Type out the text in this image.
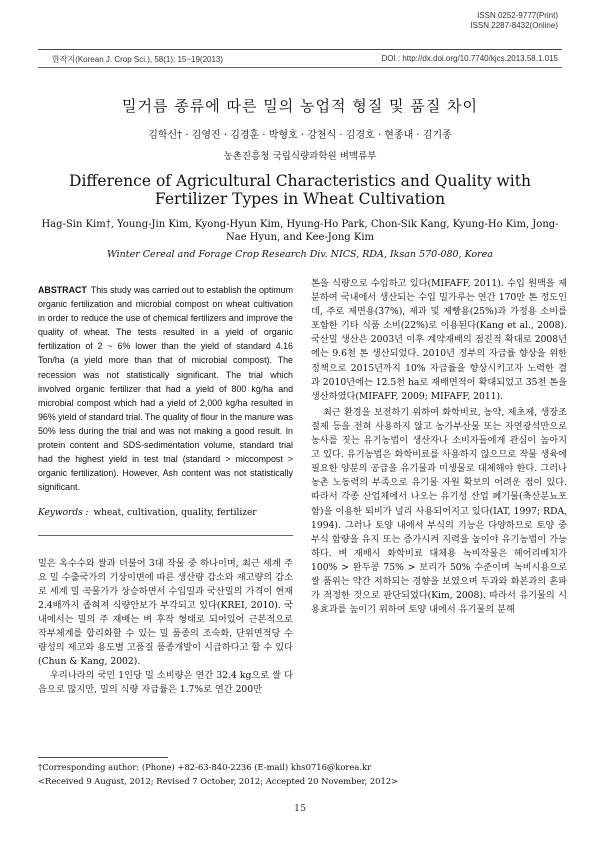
ISSN 0252-9777(Print)
ISSN 2287-8432(Online)
한작지(Korean J. Crop Sci.), 58(1): 15~19(2013)	DOI : http://dx.doi.org/10.7740/kjcs.2013.58.1.015
밀거름 종류에 따른 밀의 농업적 형질 및 품질 차이
김학신† · 김영진 · 김경훈 · 박형호 · 강천식 · 김경호 · 현종내 · 김기종
농촌진흥청 국립식량과학원 벼맥류부
Difference of Agricultural Characteristics and Quality with Fertilizer Types in Wheat Cultivation
Hag-Sin Kim†, Young-Jin Kim, Kyong-Hyun Kim, Hyung-Ho Park, Chon-Sik Kang, Kyung-Ho Kim, Jong-Nae Hyun, and Kee-Jong Kim
Winter Cereal and Forage Crop Research Div. NICS, RDA, Iksan 570-080, Korea
ABSTRACT This study was carried out to establish the optimum organic fertilization and microbial compost on wheat cultivation in order to reduce the use of chemical fertilizers and improve the quality of wheat. The tests resulted in a yield of organic fertilization of 2 ~ 6% lower than the yield of standard 4.16 Ton/ha (a yield more than that of microbial compost). The recession was not statistically significant. The trial which involved organic fertilizer that had a yield of 800 kg/ha and microbial compost which had a yield of 2,000 kg/ha resulted in 96% yield of standard trial. The quality of flour in the manure was 50% less during the trial and was not making a good result. In protein content and SDS-sedimentation volume, standard trial had the highest yield in test trial (standard > miccompost > organic fertilization). However, Ash content was not statistically significant.
Keywords : wheat, cultivation, quality, fertilizer

밀은 옥수수와 쌀과 더불어 3대 작물 중 하나이며, 최근 세계 주요 밀 수출국가의 기상이변에 따른 생산량 감소와 재고량의 감소로 세계 밀 곡물가가 상승하면서 수입밀과 국산밀의 가격이 현재 2.4배까지 좁혀져 식량안보가 부각되고 있다(KREI, 2010). 국내에서는 밀의 주 재배는 벼 후작 형태로 되어있어 근본적으로 작부체계를 합리화할 수 있는 밀 품종의 조숙화, 단위면적당 수량성의 제고와 용도별 고품질 품종개발이 시급하다고 할 수 있다(Chun & Kang, 2002).

우리나라의 국민 1인당 밀 소비량은 연간 32.4 kg으로 쌀 다음으로 많지만, 밀의 식량 자급률은 1.7%로 연간 200만

톤을 식량으로 수입하고 있다(MIFAFF, 2011). 수입 원맥을 제분하여 국내에서 생산되는 수입 밀가루는 연간 170만 톤 정도인데, 주로 제면용(37%), 제과 및 제빵용(25%)과 가정용 소비를 포함한 기타 식품 소비(22%)로 이용된다(Kang et al., 2008). 국산밀 생산은 2003년 이후 계약재배의 점진적 확대로 2008년에는 9.6천 톤 생산되었다. 2010년 정부의 자급률 향상을 위한 정책으로 2015년까지 10% 자급률을 향상시키고자 노력한 결과 2010년에는 12.5천 ha로 재배면적이 확대되었고 35천 톤을 생산하였다(MIFAFF, 2009; MIFAFF, 2011).

최근 환경을 보전하기 위하여 화학비료, 농약, 제초제, 생장조절제 등을 전혀 사용하지 않고 농가부산물 또는 자연광석만으로 농사를 짓는 유기농법이 생산자나 소비자들에게 관심이 높아지고 있다. 유기농법은 화학비료를 사용하지 않으므로 작물 생육에 필요한 양분의 공급을 유기물과 미생물로 대체해야 한다. 그러나 농촌 노동력의 부족으로 유기물 자원 확보의 어려운 점이 있다. 따라서 각종 산업체에서 나오는 유기성 산업 폐기물(축산분뇨포함)을 이용한 퇴비가 널리 사용되어지고 있다(IAT, 1997; RDA, 1994). 그러나 토양 내에서 부식의 기능은 다양하므로 토양 중 부식 함량을 유지 또는 증가시켜 지력을 높이야 유기농법이 가능하다. 벼 재배시 화학비료 대체용 녹비작물은 헤어리베치가 100% > 완두콩 75% > 보리가 50% 수준이며 녹비시용으로 쌀 품위는 약간 저하되는 경향을 보였으며 두과와 화본과의 혼파가 적정한 것으로 판단되었다(Kim, 2008). 따라서 유기물의 시용효과를 높이기 위하여 토양 내에서 유기물의 분해

†Corresponding author: (Phone) +82-63-840-2236 (E-mail) khs0716@korea.kr
<Received 9 August, 2012; Revised 7 October, 2012; Accepted 20 November, 2012>
15
